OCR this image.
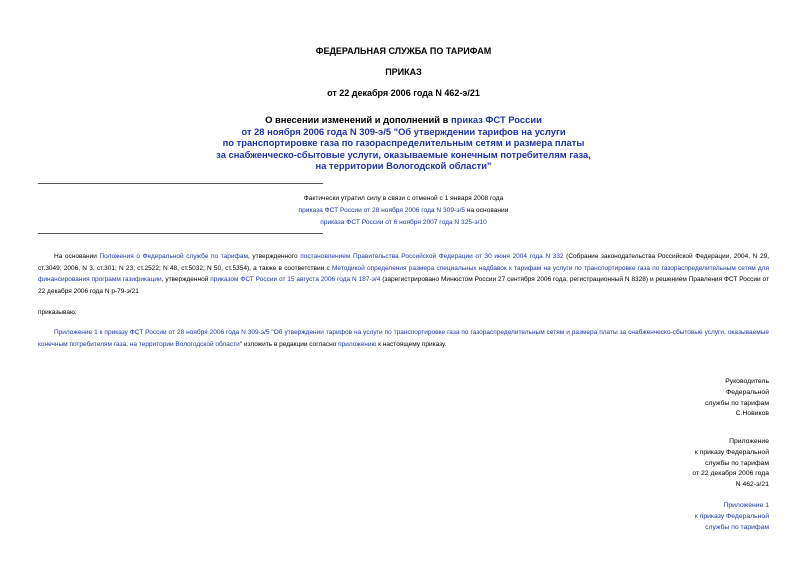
ФЕДЕРАЛЬНАЯ СЛУЖБА ПО ТАРИФАМ
ПРИКАЗ
от 22 декабря 2006 года N 462-э/21
О внесении изменений и дополнений в приказ ФСТ России
от 28 ноября 2006 года N 309-э/5 "Об утверждении тарифов на услуги
по транспортировке газа по газораспределительным сетям и размера платы
за снабженческо-сбытовые услуги, оказываемые конечным потребителям газа,
на территории Вологодской области"
Фактически утратил силу в связи с отменой с 1 января 2008 года
приказа ФСТ России от 28 ноября 2006 года N 309-э/5 на основании
приказа ФСТ России от 6 ноября 2007 года N 325-э/10
На основании Положения о Федеральной службе по тарифам, утвержденного постановлением Правительства Российской Федерации от 30 июня 2004 года N 332 (Собрание законодательства Российской Федерации, 2004, N 29, ст.3049; 2006, N 3, ст.301; N 23, ст.2522; N 48, ст.5032; N 50, ст.5354), а также в соответствии с Методикой определения размера специальных надбавок к тарифам на услуги по транспортировке газа по газораспределительным сетям для финансирования программ газификации, утвержденной приказом ФСТ России от 15 августа 2006 года N 187-э/4 (зарегистрировано Минюстом России 27 сентября 2006 года, регистрационный N 8328) и решением Правления ФСТ России от 22 декабря 2006 года N р-79-э/21
приказываю:
Приложение 1 к приказу ФСТ России от 28 ноября 2006 года N 309-э/5 "Об утверждении тарифов на услуги по транспортировке газа по газораспределительным сетям и размера платы за снабженческо-сбытовые услуги, оказываемые конечным потребителям газа, на территории Вологодской области" изложить в редакции согласно приложению к настоящему приказу.
Руководитель
Федеральной
службы по тарифам
С.Новиков
Приложение
к приказу Федеральной
службы по тарифам
от 22 декабря 2006 года
N 462-э/21
Приложение 1
к приказу Федеральной
службы по тарифам
